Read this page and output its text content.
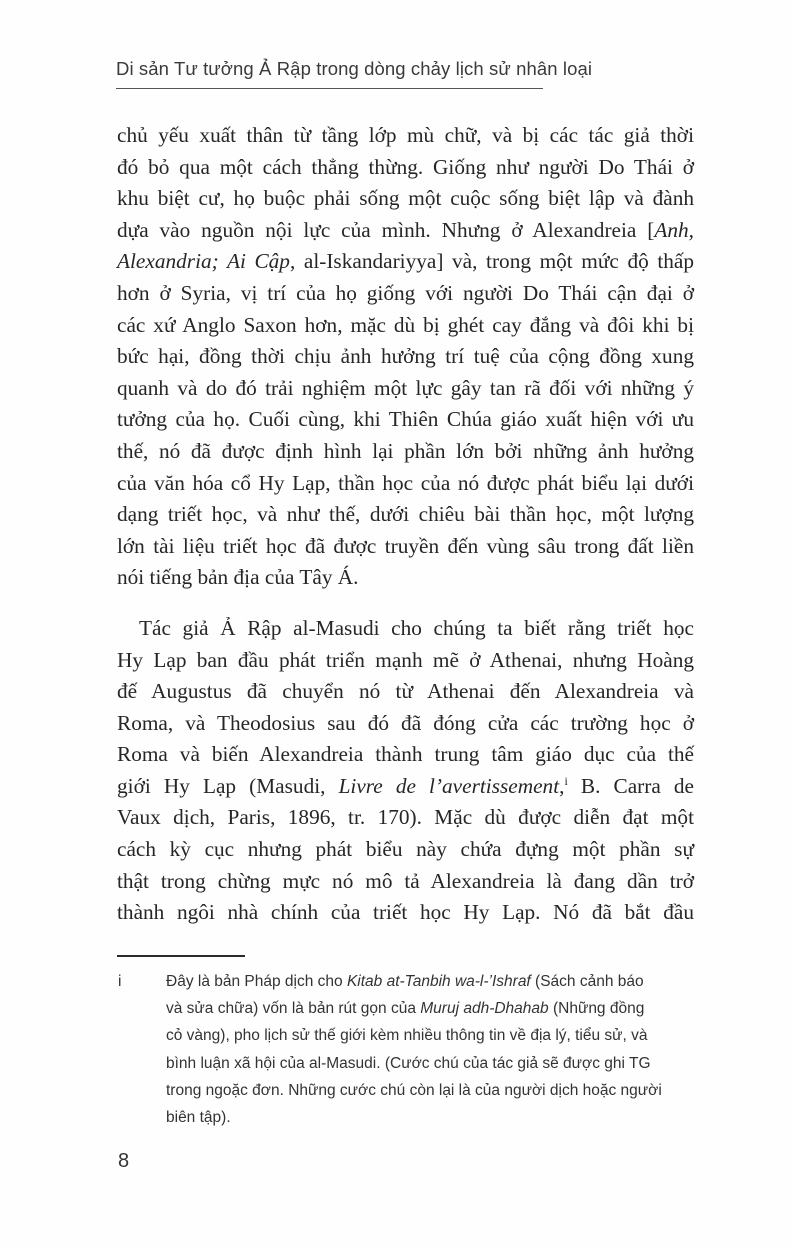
Di sản Tư tưởng Ả Rập trong dòng chảy lịch sử nhân loại
chủ yếu xuất thân từ tầng lớp mù chữ, và bị các tác giả thời
đó bỏ qua một cách thẳng thừng. Giống như người Do Thái ở
khu biệt cư, họ buộc phải sống một cuộc sống biệt lập và đành
dựa vào nguồn nội lực của mình. Nhưng ở Alexandreia [Anh,
Alexandria; Ai Cập, al-Iskandariyya] và, trong một mức độ thấp
hơn ở Syria, vị trí của họ giống với người Do Thái cận đại ở
các xứ Anglo Saxon hơn, mặc dù bị ghét cay đắng và đôi khi bị
bức hại, đồng thời chịu ảnh hưởng trí tuệ của cộng đồng xung
quanh và do đó trải nghiệm một lực gây tan rã đối với những ý
tưởng của họ. Cuối cùng, khi Thiên Chúa giáo xuất hiện với ưu
thế, nó đã được định hình lại phần lớn bởi những ảnh hưởng
của văn hóa cổ Hy Lạp, thần học của nó được phát biểu lại dưới
dạng triết học, và như thế, dưới chiêu bài thần học, một lượng
lớn tài liệu triết học đã được truyền đến vùng sâu trong đất liền
nói tiếng bản địa của Tây Á.
Tác giả Ả Rập al-Masudi cho chúng ta biết rằng triết học
Hy Lạp ban đầu phát triển mạnh mẽ ở Athenai, nhưng Hoàng
đế Augustus đã chuyển nó từ Athenai đến Alexandreia và
Roma, và Theodosius sau đó đã đóng cửa các trường học ở
Roma và biến Alexandreia thành trung tâm giáo dục của thế
giới Hy Lạp (Masudi, Livre de l’avertissement,$^i$ B. Carra de
Vaux dịch, Paris, 1896, tr. 170). Mặc dù được diễn đạt một
cách kỳ cục nhưng phát biểu này chứa đựng một phần sự
thật trong chừng mực nó mô tả Alexandreia là đang dần trở
thành ngôi nhà chính của triết học Hy Lạp. Nó đã bắt đầu
i	Đây là bản Pháp dịch cho Kitab at-Tanbih wa-l-’Ishraf (Sách cảnh báo
và sửa chữa) vốn là bản rút gọn của Muruj adh-Dhahab (Những đồng
cỏ vàng), pho lịch sử thế giới kèm nhiều thông tin về địa lý, tiểu sử, và
bình luận xã hội của al-Masudi. (Cước chú của tác giả sẽ được ghi TG
trong ngoặc đơn. Những cước chú còn lại là của người dịch hoặc người
biên tập).
8
